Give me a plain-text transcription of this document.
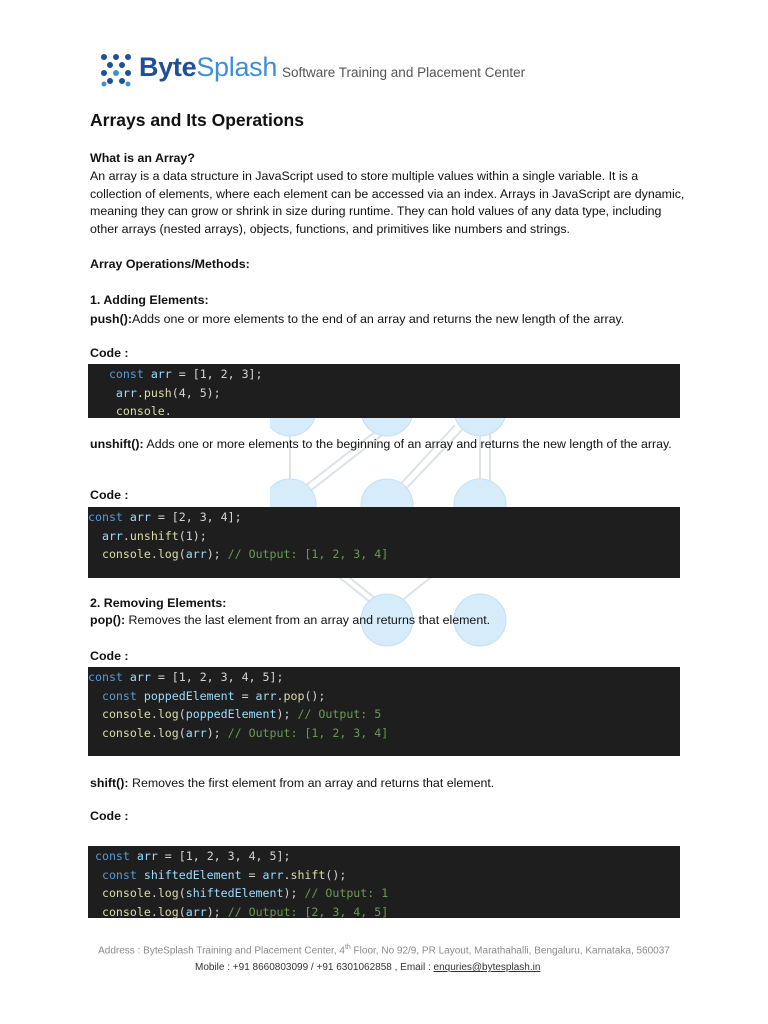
ByteSplash Software Training and Placement Center
Arrays and Its Operations
What is an Array?
An array is a data structure in JavaScript used to store multiple values within a single variable. It is a collection of elements, where each element can be accessed via an index. Arrays in JavaScript are dynamic, meaning they can grow or shrink in size during runtime. They can hold values of any data type, including other arrays (nested arrays), objects, functions, and primitives like numbers and strings.
Array Operations/Methods:
1. Adding Elements:
push():Adds one or more elements to the end of an array and returns the new length of the array.
Code :
const arr = [1, 2, 3];
arr.push(4, 5);
console.
unshift(): Adds one or more elements to the beginning of an array and returns the new length of the array.
Code :
const arr = [2, 3, 4];
arr.unshift(1);
console.log(arr); // Output: [1, 2, 3, 4]
2. Removing Elements:
pop(): Removes the last element from an array and returns that element.
Code :
const arr = [1, 2, 3, 4, 5];
const poppedElement = arr.pop();
console.log(poppedElement); // Output: 5
console.log(arr); // Output: [1, 2, 3, 4]
shift(): Removes the first element from an array and returns that element.
Code :
const arr = [1, 2, 3, 4, 5];
const shiftedElement = arr.shift();
console.log(shiftedElement); // Output: 1
console.log(arr); // Output: [2, 3, 4, 5]
Address : ByteSplash Training and Placement Center, 4th Floor, No 92/9, PR Layout, Marathahalli, Bengaluru, Karnataka, 560037
Mobile : +91 8660803099 / +91 6301062858 , Email : enquries@bytesplash.in
